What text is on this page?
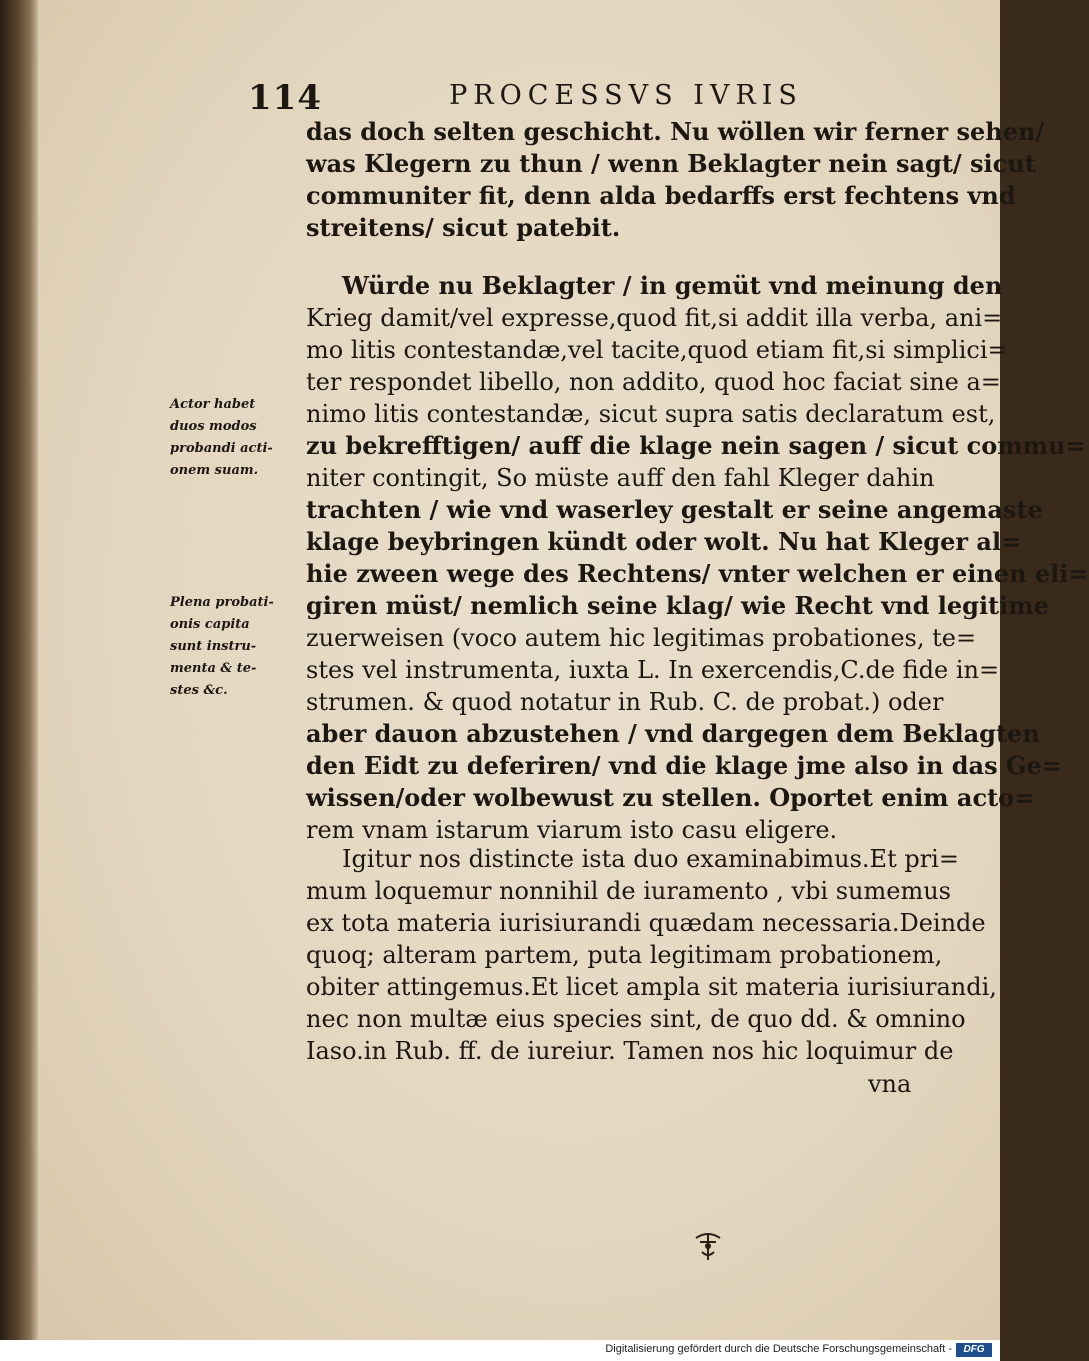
114	PROCESSVS IVRIS
Actor habet
duos modos
probandi acti-
onem suam.
Plena probati-
onis capita
sunt instru-
menta & te-
stes &c.
das doch selten geschicht. Nu wöllen wir ferner sehen/
was Klegern zu thun / wenn Beklagter nein sagt/ sicut
communiter fit, denn alda bedarffs erst fechtens vnd
streitens/ sicut patebit.
Würde nu Beklagter / in gemüt vnd meinung den
Krieg damit/vel expresse,quod fit,si addit illa verba, ani=
mo litis contestandæ,vel tacite,quod etiam fit,si simplici=
ter respondet libello, non addito, quod hoc faciat sine a=
nimo litis contestandæ, sicut supra satis declaratum est,
zu bekrefftigen/ auff die klage nein sagen / sicut commu=
niter contingit, So müste auff den fahl Kleger dahin
trachten / wie vnd waserley gestalt er seine angemaste
klage beybringen kündt oder wolt. Nu hat Kleger al=
hie zween wege des Rechtens/ vnter welchen er einen eli=
giren müst/ nemlich seine klag/ wie Recht vnd legitime
zuerweisen (voco autem hic legitimas probationes, te=
stes vel instrumenta, iuxta L. In exercendis,C.de fide in=
strumen. & quod notatur in Rub. C. de probat.) oder
aber dauon abzustehen / vnd dargegen dem Beklagten
den Eidt zu deferiren/ vnd die klage jme also in das Ge=
wissen/oder wolbewust zu stellen. Oportet enim acto=
rem vnam istarum viarum isto casu eligere.
Igitur nos distincte ista duo examinabimus.Et pri=
mum loquemur nonnihil de iuramento , vbi sumemus
ex tota materia iurisiurandi quædam necessaria.Deinde
quoq; alteram partem, puta legitimam probationem,
obiter attingemus.Et licet ampla sit materia iurisiurandi,
nec non multæ eius species sint, de quo dd. & omnino
Iaso.in Rub. ff. de iureiur. Tamen nos hic loquimur de
vna
Digitalisierung gefördert durch die Deutsche Forschungsgemeinschaft -	DFG
